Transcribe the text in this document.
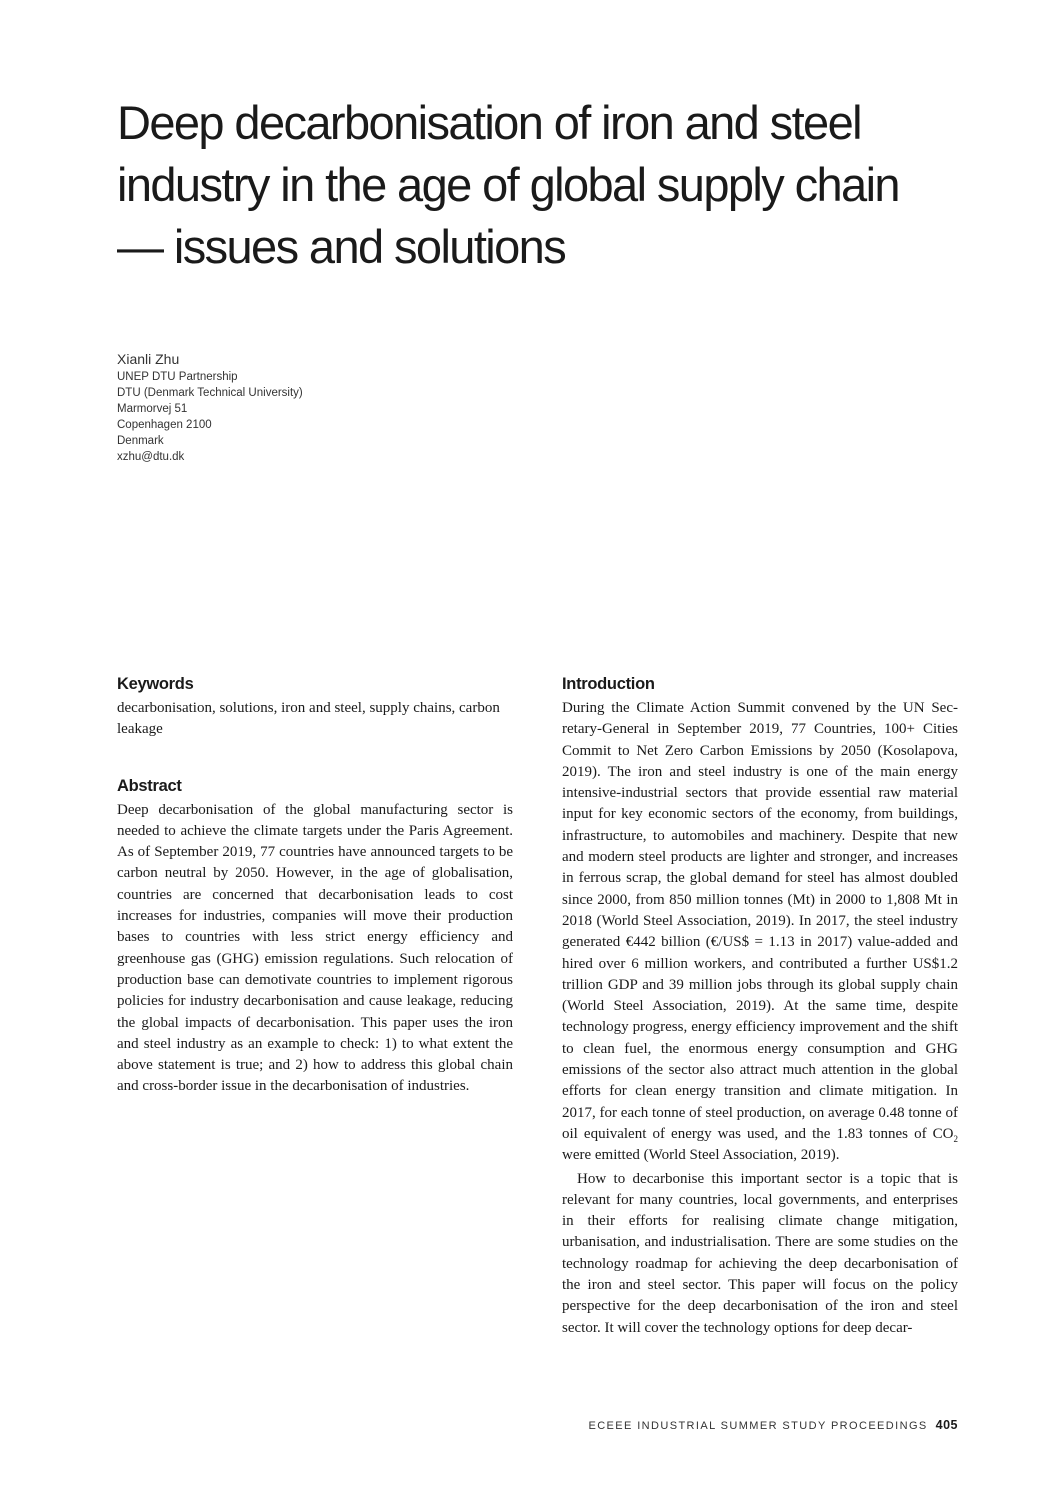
Deep decarbonisation of iron and steel
industry in the age of global supply chain
— issues and solutions
Xianli Zhu
UNEP DTU Partnership
DTU (Denmark Technical University)
Marmorvej 51
Copenhagen 2100
Denmark
xzhu@dtu.dk
Keywords

decarbonisation, solutions, iron and steel, supply chains, carbon leakage

Abstract

Deep decarbonisation of the global manufacturing sector is needed to achieve the climate targets under the Paris Agreement. As of September 2019, 77 countries have announced targets to be carbon neutral by 2050. However, in the age of globalisation, countries are concerned that decarbonisation leads to cost increases for industries, companies will move their production bases to countries with less strict energy efficiency and greenhouse gas (GHG) emission regulations. Such relocation of production base can demotivate countries to implement rigorous policies for industry decarbonisation and cause leakage, reducing the global impacts of decarbonisation. This paper uses the iron and steel industry as an example to check: 1) to what extent the above statement is true; and 2) how to address this global chain and cross-border issue in the decarbonisation of industries.

Introduction

During the Climate Action Summit convened by the UN Secretary-General in September 2019, 77 Countries, 100+ Cities Commit to Net Zero Carbon Emissions by 2050 (Kosolapova, 2019). The iron and steel industry is one of the main energy intensive-industrial sectors that provide essential raw material input for key economic sectors of the economy, from buildings, infrastructure, to automobiles and machinery. Despite that new and modern steel products are lighter and stronger, and increases in ferrous scrap, the global demand for steel has almost doubled since 2000, from 850 million tonnes (Mt) in 2000 to 1,808 Mt in 2018 (World Steel Association, 2019). In 2017, the steel industry generated €442 billion (€/US$ = 1.13 in 2017) value-added and hired over 6 million workers, and contributed a further US$1.2 trillion GDP and 39 million jobs through its global supply chain (World Steel Association, 2019). At the same time, despite technology progress, energy efficiency improvement and the shift to clean fuel, the enormous energy consumption and GHG emissions of the sector also attract much attention in the global efforts for clean energy transition and climate mitigation. In 2017, for each tonne of steel production, on average 0.48 tonne of oil equivalent of energy was used, and the 1.83 tonnes of $CO_2$ were emitted (World Steel Association, 2019).

How to decarbonise this important sector is a topic that is relevant for many countries, local governments, and enterprises in their efforts for realising climate change mitigation, urbanisation, and industrialisation. There are some studies on the technology roadmap for achieving the deep decarbonisation of the iron and steel sector. This paper will focus on the policy perspective for the deep decarbonisation of the iron and steel sector. It will cover the technology options for deep decar-

ECEEE INDUSTRIAL SUMMER STUDY PROCEEDINGS 405
